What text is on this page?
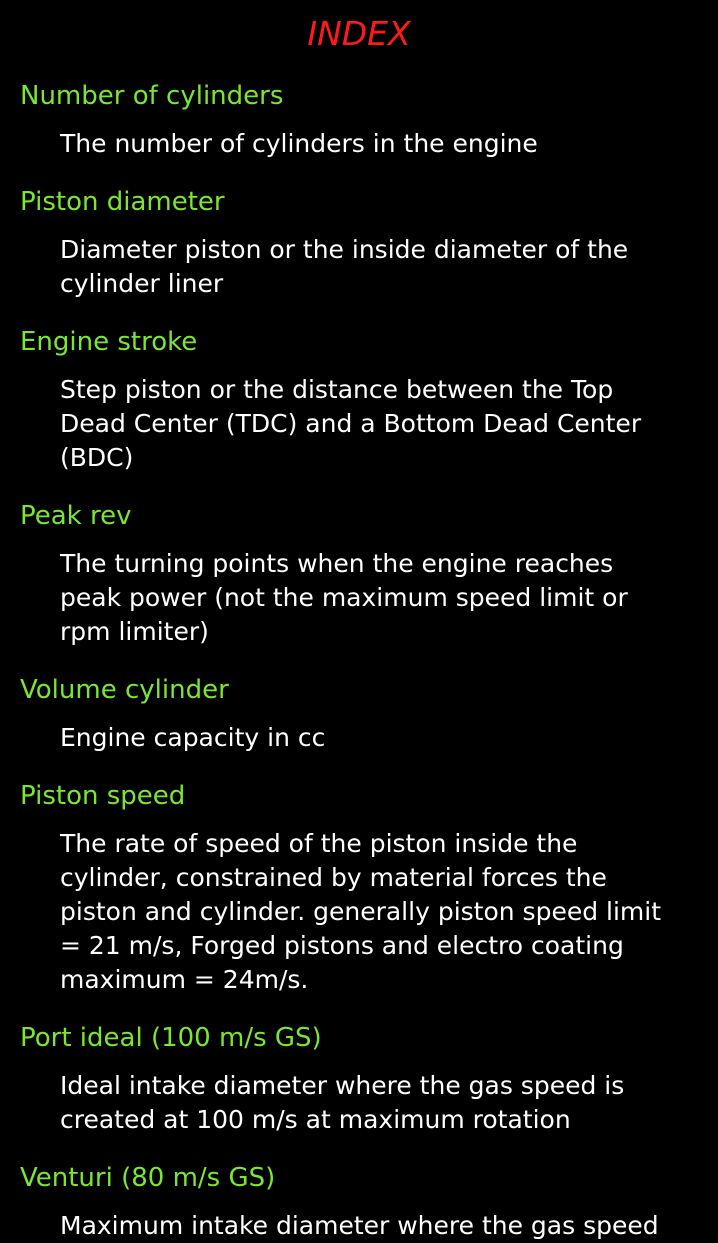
INDEX
Number of cylinders
The number of cylinders in the engine
Piston diameter
Diameter piston or the inside diameter of the
cylinder liner
Engine stroke
Step piston or the distance between the Top
Dead Center (TDC) and a Bottom Dead Center
(BDC)
Peak rev
The turning points when the engine reaches
peak power (not the maximum speed limit or
rpm limiter)
Volume cylinder
Engine capacity in cc
Piston speed
The rate of speed of the piston inside the
cylinder, constrained by material forces the
piston and cylinder. generally piston speed limit
= 21 m/s, Forged pistons and electro coating
maximum = 24m/s.
Port ideal (100 m/s GS)
Ideal intake diameter where the gas speed is
created at 100 m/s at maximum rotation
Venturi (80 m/s GS)
Maximum intake diameter where the gas speed
